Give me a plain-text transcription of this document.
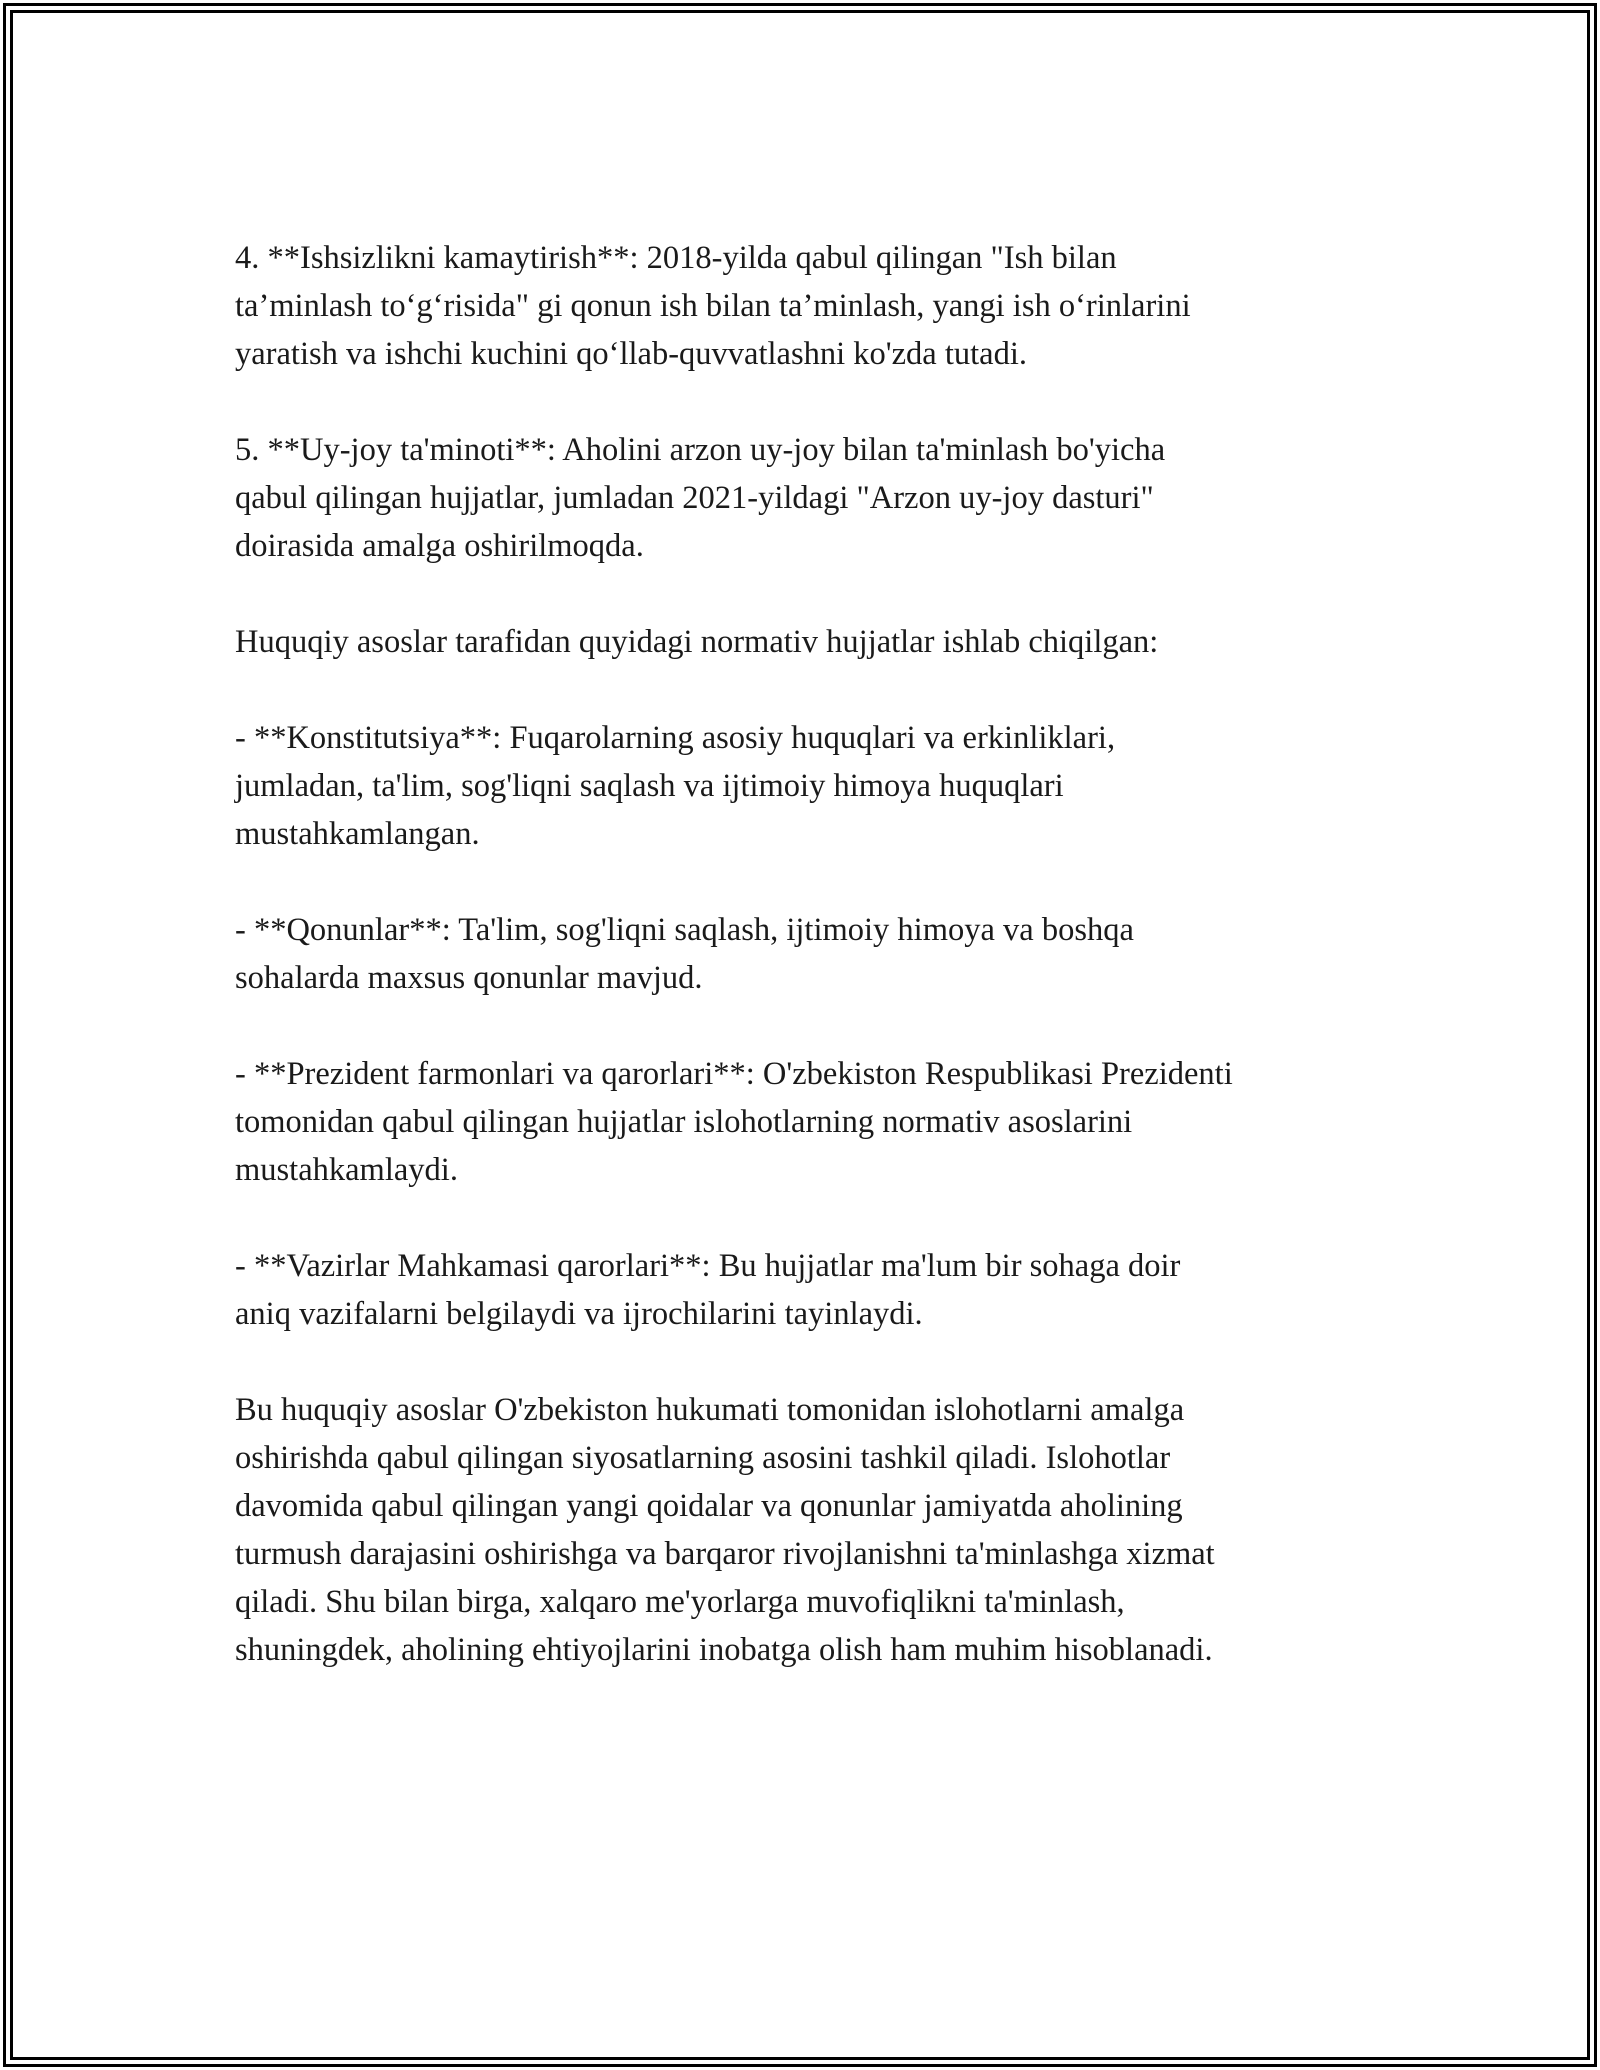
4. **Ishsizlikni kamaytirish**: 2018-yilda qabul qilingan "Ish bilan
ta’minlash to‘g‘risida" gi qonun ish bilan ta’minlash, yangi ish o‘rinlarini
yaratish va ishchi kuchini qo‘llab-quvvatlashni ko'zda tutadi.

5. **Uy-joy ta'minoti**: Aholini arzon uy-joy bilan ta'minlash bo'yicha
qabul qilingan hujjatlar, jumladan 2021-yildagi "Arzon uy-joy dasturi"
doirasida amalga oshirilmoqda.

Huquqiy asoslar tarafidan quyidagi normativ hujjatlar ishlab chiqilgan:

- **Konstitutsiya**: Fuqarolarning asosiy huquqlari va erkinliklari,
jumladan, ta'lim, sog'liqni saqlash va ijtimoiy himoya huquqlari
mustahkamlangan.

- **Qonunlar**: Ta'lim, sog'liqni saqlash, ijtimoiy himoya va boshqa
sohalarda maxsus qonunlar mavjud.

- **Prezident farmonlari va qarorlari**: O'zbekiston Respublikasi Prezidenti
tomonidan qabul qilingan hujjatlar islohotlarning normativ asoslarini
mustahkamlaydi.

- **Vazirlar Mahkamasi qarorlari**: Bu hujjatlar ma'lum bir sohaga doir
aniq vazifalarni belgilaydi va ijrochilarini tayinlaydi.

Bu huquqiy asoslar O'zbekiston hukumati tomonidan islohotlarni amalga
oshirishda qabul qilingan siyosatlarning asosini tashkil qiladi. Islohotlar
davomida qabul qilingan yangi qoidalar va qonunlar jamiyatda aholining
turmush darajasini oshirishga va barqaror rivojlanishni ta'minlashga xizmat
qiladi. Shu bilan birga, xalqaro me'yorlarga muvofiqlikni ta'minlash,
shuningdek, aholining ehtiyojlarini inobatga olish ham muhim hisoblanadi.
